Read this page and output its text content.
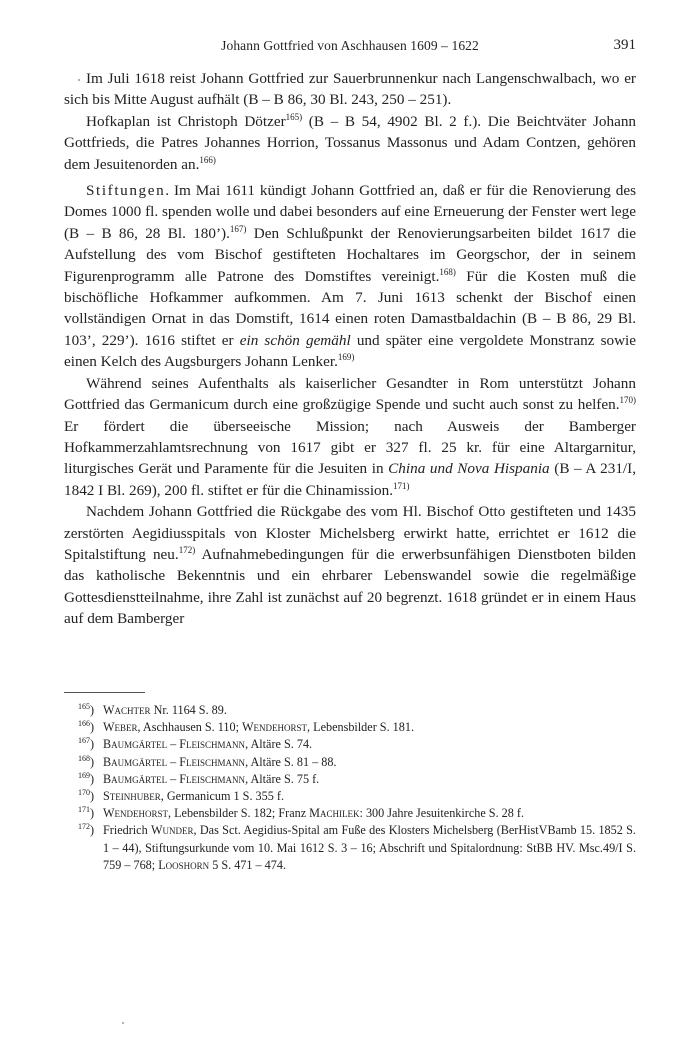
Johann Gottfried von Aschhausen 1609 – 1622	391

Im Juli 1618 reist Johann Gottfried zur Sauerbrunnenkur nach Langenschwalbach, wo er sich bis Mitte August aufhält (B – B 86, 30 Bl. 243, 250 – 251).

Hofkaplan ist Christoph Dötzer$^{165)}$ (B – B 54, 4902 Bl. 2 f.). Die Beichtväter Johann Gottfrieds, die Patres Johannes Horrion, Tossanus Massonus und Adam Contzen, gehören dem Jesuitenorden an.$^{166)}$

Stiftungen. Im Mai 1611 kündigt Johann Gottfried an, daß er für die Renovierung des Domes 1000 fl. spenden wolle und dabei besonders auf eine Erneuerung der Fenster wert lege (B – B 86, 28 Bl. 180’).$^{167)}$ Den Schlußpunkt der Renovierungsarbeiten bildet 1617 die Aufstellung des vom Bischof gestifteten Hochaltares im Georgschor, der in seinem Figurenprogramm alle Patrone des Domstiftes vereinigt.$^{168)}$ Für die Kosten muß die bischöfliche Hofkammer aufkommen. Am 7. Juni 1613 schenkt der Bischof einen vollständigen Ornat in das Domstift, 1614 einen roten Damastbaldachin (B – B 86, 29 Bl. 103’, 229’). 1616 stiftet er ein schön gemähl und später eine vergoldete Monstranz sowie einen Kelch des Augsburgers Johann Lenker.$^{169)}$

Während seines Aufenthalts als kaiserlicher Gesandter in Rom unterstützt Johann Gottfried das Germanicum durch eine großzügige Spende und sucht auch sonst zu helfen.$^{170)}$ Er fördert die überseeische Mission; nach Ausweis der Bamberger Hofkammerzahlamtsrechnung von 1617 gibt er 327 fl. 25 kr. für eine Altargarnitur, liturgisches Gerät und Paramente für die Jesuiten in China und Nova Hispania (B – A 231/I, 1842 I Bl. 269), 200 fl. stiftet er für die Chinamission.$^{171)}$

Nachdem Johann Gottfried die Rückgabe des vom Hl. Bischof Otto gestifteten und 1435 zerstörten Aegidiusspitals von Kloster Michelsberg erwirkt hatte, errichtet er 1612 die Spitalstiftung neu.$^{172)}$ Aufnahmebedingungen für die erwerbsunfähigen Dienstboten bilden das katholische Bekenntnis und ein ehrbarer Lebenswandel sowie die regelmäßige Gottesdienstteilnahme, ihre Zahl ist zunächst auf 20 begrenzt. 1618 gründet er in einem Haus auf dem Bamberger

$^{165}$) Wachter Nr. 1164 S. 89.
$^{166}$) Weber, Aschhausen S. 110; Wendehorst, Lebensbilder S. 181.
$^{167}$) Baumgärtel – Fleischmann, Altäre S. 74.
$^{168}$) Baumgärtel – Fleischmann, Altäre S. 81 – 88.
$^{169}$) Baumgärtel – Fleischmann, Altäre S. 75 f.
$^{170}$) Steinhuber, Germanicum 1 S. 355 f.
$^{171}$) Wendehorst, Lebensbilder S. 182; Franz Machilek: 300 Jahre Jesuitenkirche S. 28 f.
$^{172}$) Friedrich Wunder, Das Sct. Aegidius-Spital am Fuße des Klosters Michelsberg (BerHistVBamb 15. 1852 S. 1 – 44), Stiftungsurkunde vom 10. Mai 1612 S. 3 – 16; Abschrift und Spitalordnung: StBB HV. Msc.49/I S. 759 – 768; Looshorn 5 S. 471 – 474.
